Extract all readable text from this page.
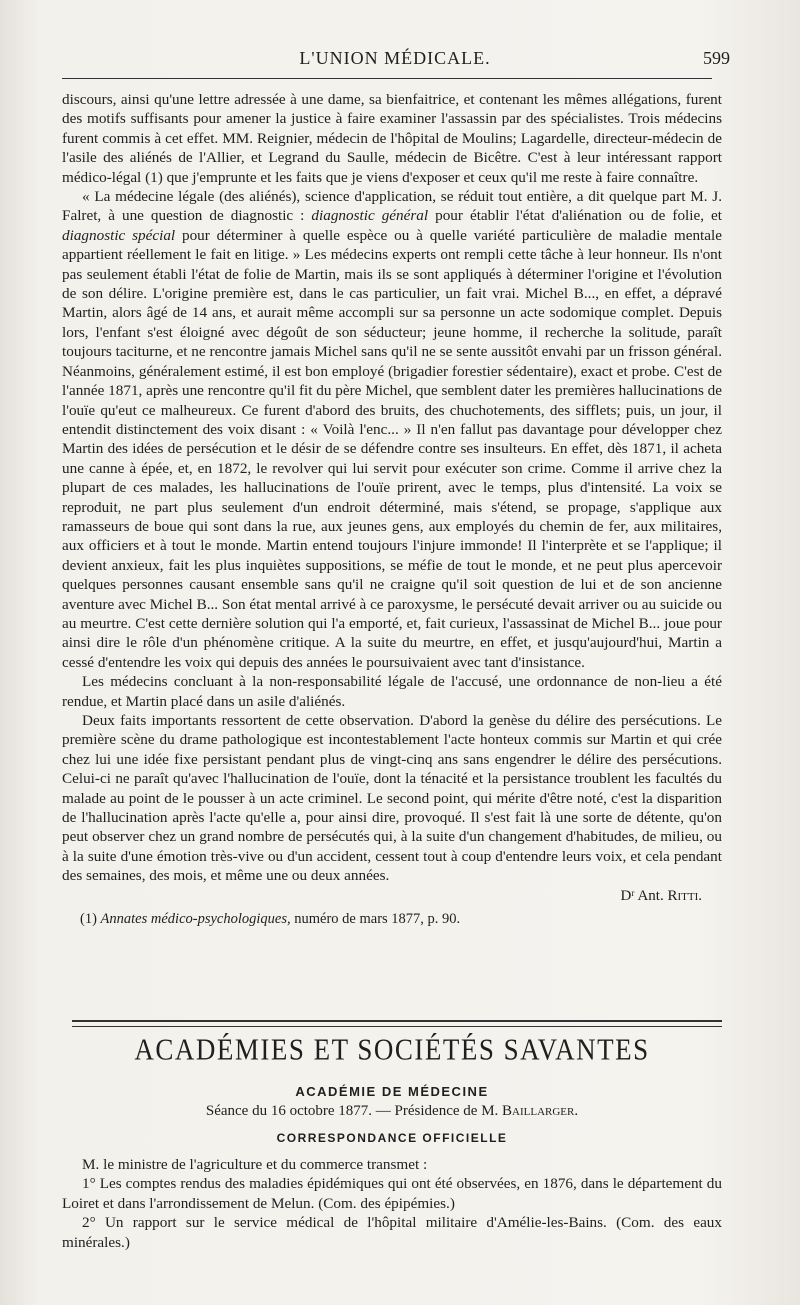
L'UNION MÉDICALE.	599

discours, ainsi qu'une lettre adressée à une dame, sa bienfaitrice, et contenant les mêmes allégations, furent des motifs suffisants pour amener la justice à faire examiner l'assassin par des spécialistes. Trois médecins furent commis à cet effet. MM. Reignier, médecin de l'hôpital de Moulins; Lagardelle, directeur-médecin de l'asile des aliénés de l'Allier, et Legrand du Saulle, médecin de Bicêtre. C'est à leur intéressant rapport médico-légal (1) que j'emprunte et les faits que je viens d'exposer et ceux qu'il me reste à faire connaître.

« La médecine légale (des aliénés), science d'application, se réduit tout entière, a dit quelque part M. J. Falret, à une question de diagnostic : diagnostic général pour établir l'état d'aliénation ou de folie, et diagnostic spécial pour déterminer à quelle espèce ou à quelle variété particulière de maladie mentale appartient réellement le fait en litige. » Les médecins experts ont rempli cette tâche à leur honneur. Ils n'ont pas seulement établi l'état de folie de Martin, mais ils se sont appliqués à déterminer l'origine et l'évolution de son délire. L'origine première est, dans le cas particulier, un fait vrai. Michel B..., en effet, a dépravé Martin, alors âgé de 14 ans, et aurait même accompli sur sa personne un acte sodomique complet. Depuis lors, l'enfant s'est éloigné avec dégoût de son séducteur; jeune homme, il recherche la solitude, paraît toujours taciturne, et ne rencontre jamais Michel sans qu'il ne se sente aussitôt envahi par un frisson général. Néanmoins, généralement estimé, il est bon employé (brigadier forestier sédentaire), exact et probe. C'est de l'année 1871, après une rencontre qu'il fit du père Michel, que semblent dater les premières hallucinations de l'ouïe qu'eut ce malheureux. Ce furent d'abord des bruits, des chuchotements, des sifflets; puis, un jour, il entendit distinctement des voix disant : « Voilà l'enc... » Il n'en fallut pas davantage pour développer chez Martin des idées de persécution et le désir de se défendre contre ses insulteurs. En effet, dès 1871, il acheta une canne à épée, et, en 1872, le revolver qui lui servit pour exécuter son crime. Comme il arrive chez la plupart de ces malades, les hallucinations de l'ouïe prirent, avec le temps, plus d'intensité. La voix se reproduit, ne part plus seulement d'un endroit déterminé, mais s'étend, se propage, s'applique aux ramasseurs de boue qui sont dans la rue, aux jeunes gens, aux employés du chemin de fer, aux militaires, aux officiers et à tout le monde. Martin entend toujours l'injure immonde! Il l'interprète et se l'applique; il devient anxieux, fait les plus inquiètes suppositions, se méfie de tout le monde, et ne peut plus apercevoir quelques personnes causant ensemble sans qu'il ne craigne qu'il soit question de lui et de son ancienne aventure avec Michel B... Son état mental arrivé à ce paroxysme, le persécuté devait arriver ou au suicide ou au meurtre. C'est cette dernière solution qui l'a emporté, et, fait curieux, l'assassinat de Michel B... joue pour ainsi dire le rôle d'un phénomène critique. A la suite du meurtre, en effet, et jusqu'aujourd'hui, Martin a cessé d'entendre les voix qui depuis des années le poursuivaient avec tant d'insistance.

Les médecins concluant à la non-responsabilité légale de l'accusé, une ordonnance de non-lieu a été rendue, et Martin placé dans un asile d'aliénés.

Deux faits importants ressortent de cette observation. D'abord la genèse du délire des persécutions. Le première scène du drame pathologique est incontestablement l'acte honteux commis sur Martin et qui crée chez lui une idée fixe persistant pendant plus de vingt-cinq ans sans engendrer le délire des persécutions. Celui-ci ne paraît qu'avec l'hallucination de l'ouïe, dont la ténacité et la persistance troublent les facultés du malade au point de le pousser à un acte criminel. Le second point, qui mérite d'être noté, c'est la disparition de l'hallucination après l'acte qu'elle a, pour ainsi dire, provoqué. Il s'est fait là une sorte de détente, qu'on peut observer chez un grand nombre de persécutés qui, à la suite d'un changement d'habitudes, de milieu, ou à la suite d'une émotion très-vive ou d'un accident, cessent tout à coup d'entendre leurs voix, et cela pendant des semaines, des mois, et même une ou deux années.

Dʳ Ant. Ritti.
(1) Annates médico-psychologiques, numéro de mars 1877, p. 90.
ACADÉMIES ET SOCIÉTÉS SAVANTES
ACADÉMIE DE MÉDECINE
Séance du 16 octobre 1877. — Présidence de M. Baillarger.
CORRESPONDANCE OFFICIELLE

M. le ministre de l'agriculture et du commerce transmet :

1° Les comptes rendus des maladies épidémiques qui ont été observées, en 1876, dans le département du Loiret et dans l'arrondissement de Melun. (Com. des épipémies.)

2° Un rapport sur le service médical de l'hôpital militaire d'Amélie-les-Bains. (Com. des eaux minérales.)
